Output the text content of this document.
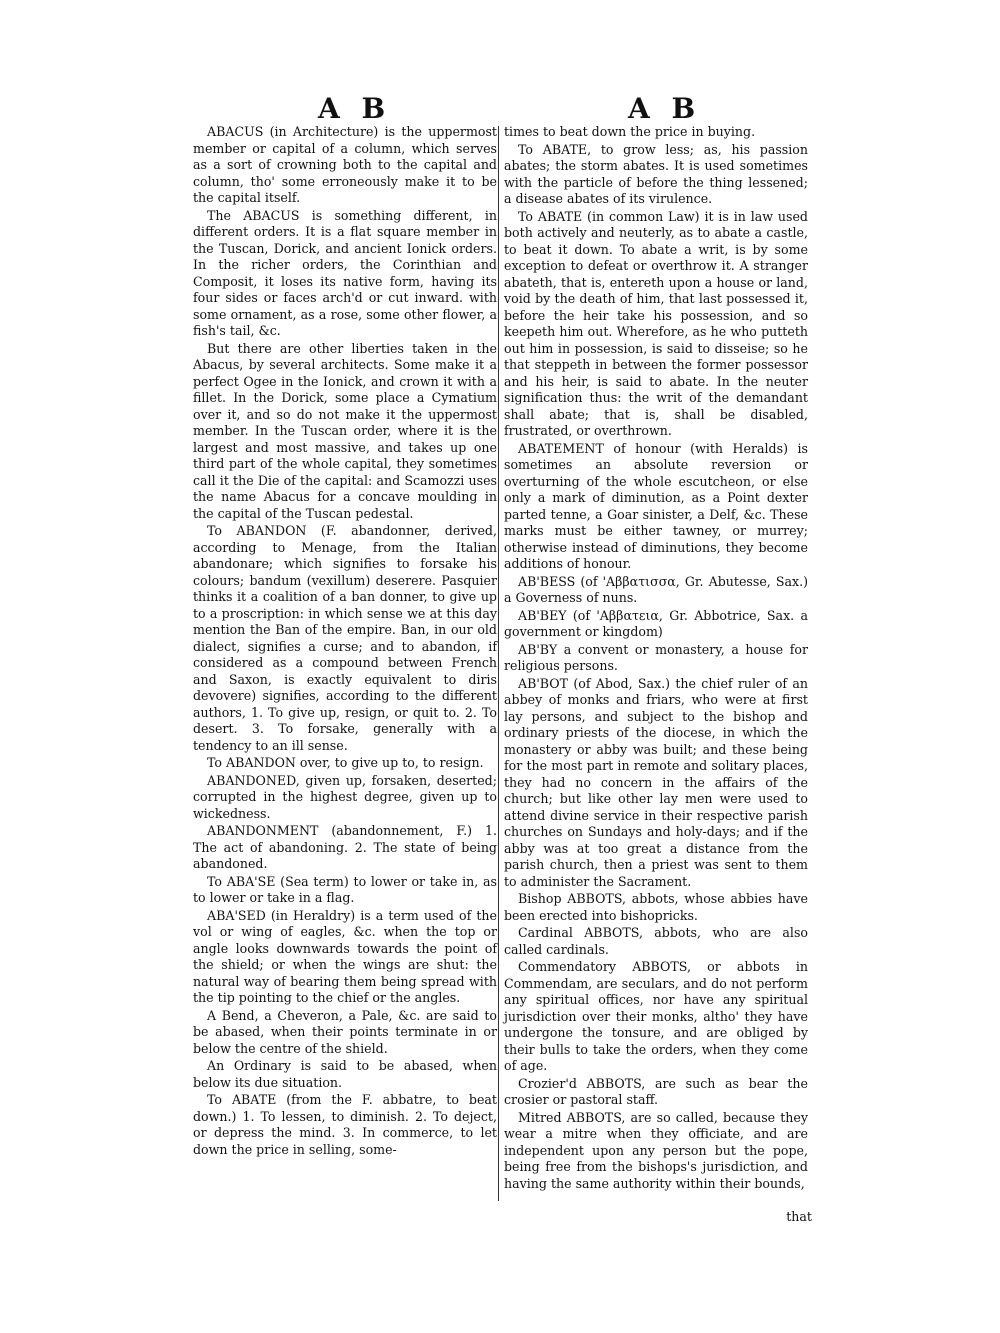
A B	A B

ABACUS (in Architecture) is the uppermost member or capital of a column, which serves as a sort of crowning both to the capital and column, tho' some erroneously make it to be the capital itself.

The ABACUS is something different, in different orders. It is a flat square member in the Tuscan, Dorick, and ancient Ionick orders. In the richer orders, the Corinthian and Composit, it loses its native form, having its four sides or faces arch'd or cut inward. with some ornament, as a rose, some other flower, a fish's tail, &c.

But there are other liberties taken in the Abacus, by several architects. Some make it a perfect Ogee in the Ionick, and crown it with a fillet. In the Dorick, some place a Cymatium over it, and so do not make it the uppermost member. In the Tuscan order, where it is the largest and most massive, and takes up one third part of the whole capital, they sometimes call it the Die of the capital: and Scamozzi uses the name Abacus for a concave moulding in the capital of the Tuscan pedestal.

To ABANDON (F. abandonner, derived, according to Menage, from the Italian abandonare; which signifies to forsake his colours; bandum (vexillum) deserere. Pasquier thinks it a coalition of a ban donner, to give up to a proscription: in which sense we at this day mention the Ban of the empire. Ban, in our old dialect, signifies a curse; and to abandon, if considered as a compound between French and Saxon, is exactly equivalent to diris devovere) signifies, according to the different authors, 1. To give up, resign, or quit to. 2. To desert. 3. To forsake, generally with a tendency to an ill sense.

To ABANDON over, to give up to, to resign.

ABANDONED, given up, forsaken, deserted; corrupted in the highest degree, given up to wickedness.

ABANDONMENT (abandonnement, F.) 1. The act of abandoning. 2. The state of being abandoned.

To ABA'SE (Sea term) to lower or take in, as to lower or take in a flag.

ABA'SED (in Heraldry) is a term used of the vol or wing of eagles, &c. when the top or angle looks downwards towards the point of the shield; or when the wings are shut: the natural way of bearing them being spread with the tip pointing to the chief or the angles.

A Bend, a Cheveron, a Pale, &c. are said to be abased, when their points terminate in or below the centre of the shield.

An Ordinary is said to be abased, when below its due situation.

To ABATE (from the F. abbatre, to beat down.) 1. To lessen, to diminish. 2. To deject, or depress the mind. 3. In commerce, to let down the price in selling, some-

times to beat down the price in buying.

To ABATE, to grow less; as, his passion abates; the storm abates. It is used sometimes with the particle of before the thing lessened; a disease abates of its virulence.

To ABATE (in common Law) it is in law used both actively and neuterly, as to abate a castle, to beat it down. To abate a writ, is by some exception to defeat or overthrow it. A stranger abateth, that is, entereth upon a house or land, void by the death of him, that last possessed it, before the heir take his possession, and so keepeth him out. Wherefore, as he who putteth out him in possession, is said to disseise; so he that steppeth in between the former possessor and his heir, is said to abate. In the neuter signification thus: the writ of the demandant shall abate; that is, shall be disabled, frustrated, or overthrown.

ABATEMENT of honour (with Heralds) is sometimes an absolute reversion or overturning of the whole escutcheon, or else only a mark of diminution, as a Point dexter parted tenne, a Goar sinister, a Delf, &c. These marks must be either tawney, or murrey; otherwise instead of diminutions, they become additions of honour.

AB'BESS (of 'Αββατισσα, Gr. Abutesse, Sax.) a Governess of nuns.

AB'BEY (of 'Αββατεια, Gr. Abbotrice, Sax. a government or kingdom)

AB'BY a convent or monastery, a house for religious persons.

AB'BOT (of Abod, Sax.) the chief ruler of an abbey of monks and friars, who were at first lay persons, and subject to the bishop and ordinary priests of the diocese, in which the monastery or abby was built; and these being for the most part in remote and solitary places, they had no concern in the affairs of the church; but like other lay men were used to attend divine service in their respective parish churches on Sundays and holy-days; and if the abby was at too great a distance from the parish church, then a priest was sent to them to administer the Sacrament.

Bishop ABBOTS, abbots, whose abbies have been erected into bishopricks.

Cardinal ABBOTS, abbots, who are also called cardinals.

Commendatory ABBOTS, or abbots in Commendam, are seculars, and do not perform any spiritual offices, nor have any spiritual jurisdiction over their monks, altho' they have undergone the tonsure, and are obliged by their bulls to take the orders, when they come of age.

Crozier'd ABBOTS, are such as bear the crosier or pastoral staff.

Mitred ABBOTS, are so called, because they wear a mitre when they officiate, and are independent upon any person but the pope, being free from the bishops's jurisdiction, and having the same authority within their bounds,

that
